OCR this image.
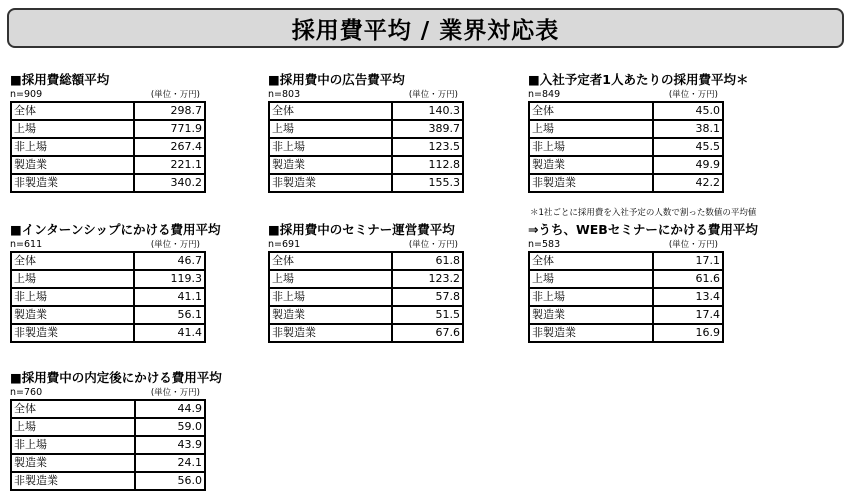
採用費平均 / 業界対応表
■採用費総額平均
n=909	(単位・万円)
全体	298.7
上場	771.9
非上場	267.4
製造業	221.1
非製造業	340.2
■採用費中の広告費平均
n=803	(単位・万円)
全体	140.3
上場	389.7
非上場	123.5
製造業	112.8
非製造業	155.3
■入社予定者1人あたりの採用費平均＊
n=849	(単位・万円)
全体	45.0
上場	38.1
非上場	45.5
製造業	49.9
非製造業	42.2
＊1社ごとに採用費を入社予定の人数で割った数値の平均値
■インターンシップにかける費用平均
n=611	(単位・万円)
全体	46.7
上場	119.3
非上場	41.1
製造業	56.1
非製造業	41.4
■採用費中のセミナー運営費平均
n=691	(単位・万円)
全体	61.8
上場	123.2
非上場	57.8
製造業	51.5
非製造業	67.6
⇒うち、WEBセミナーにかける費用平均
n=583	(単位・万円)
全体	17.1
上場	61.6
非上場	13.4
製造業	17.4
非製造業	16.9
■採用費中の内定後にかける費用平均
n=760	(単位・万円)
全体	44.9
上場	59.0
非上場	43.9
製造業	24.1
非製造業	56.0
